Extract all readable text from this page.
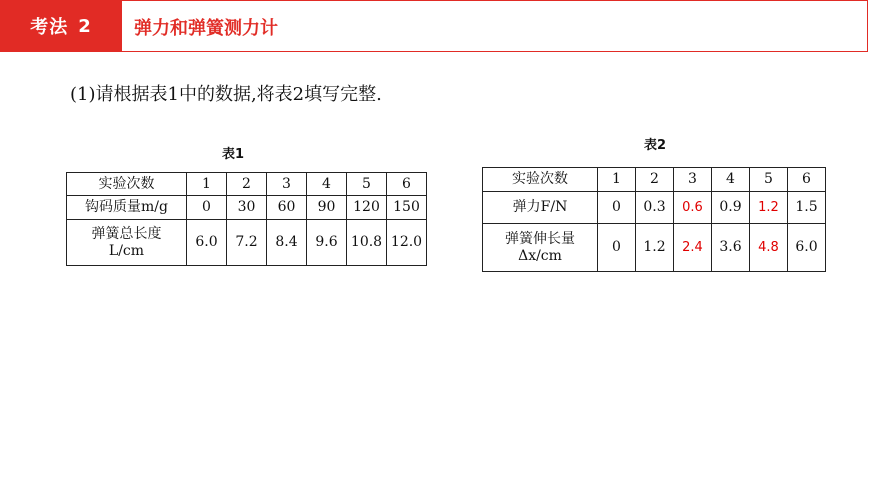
考法 2 弹力和弹簧测力计
(1)请根据表1中的数据,将表2填写完整.
表1
实验次数	1	2	3	4	5	6
钩码质量m/g	0	30	60	90	120	150

弹簧总长度
L/cm	6.0	7.2	8.4	9.6	10.8	12.0
表2
实验次数	1	2	3	4	5	6
弹力F/N	0	0.3	0.6	0.9	1.2	1.5

弹簧伸长量
Δx/cm	0	1.2	2.4	3.6	4.8	6.0
